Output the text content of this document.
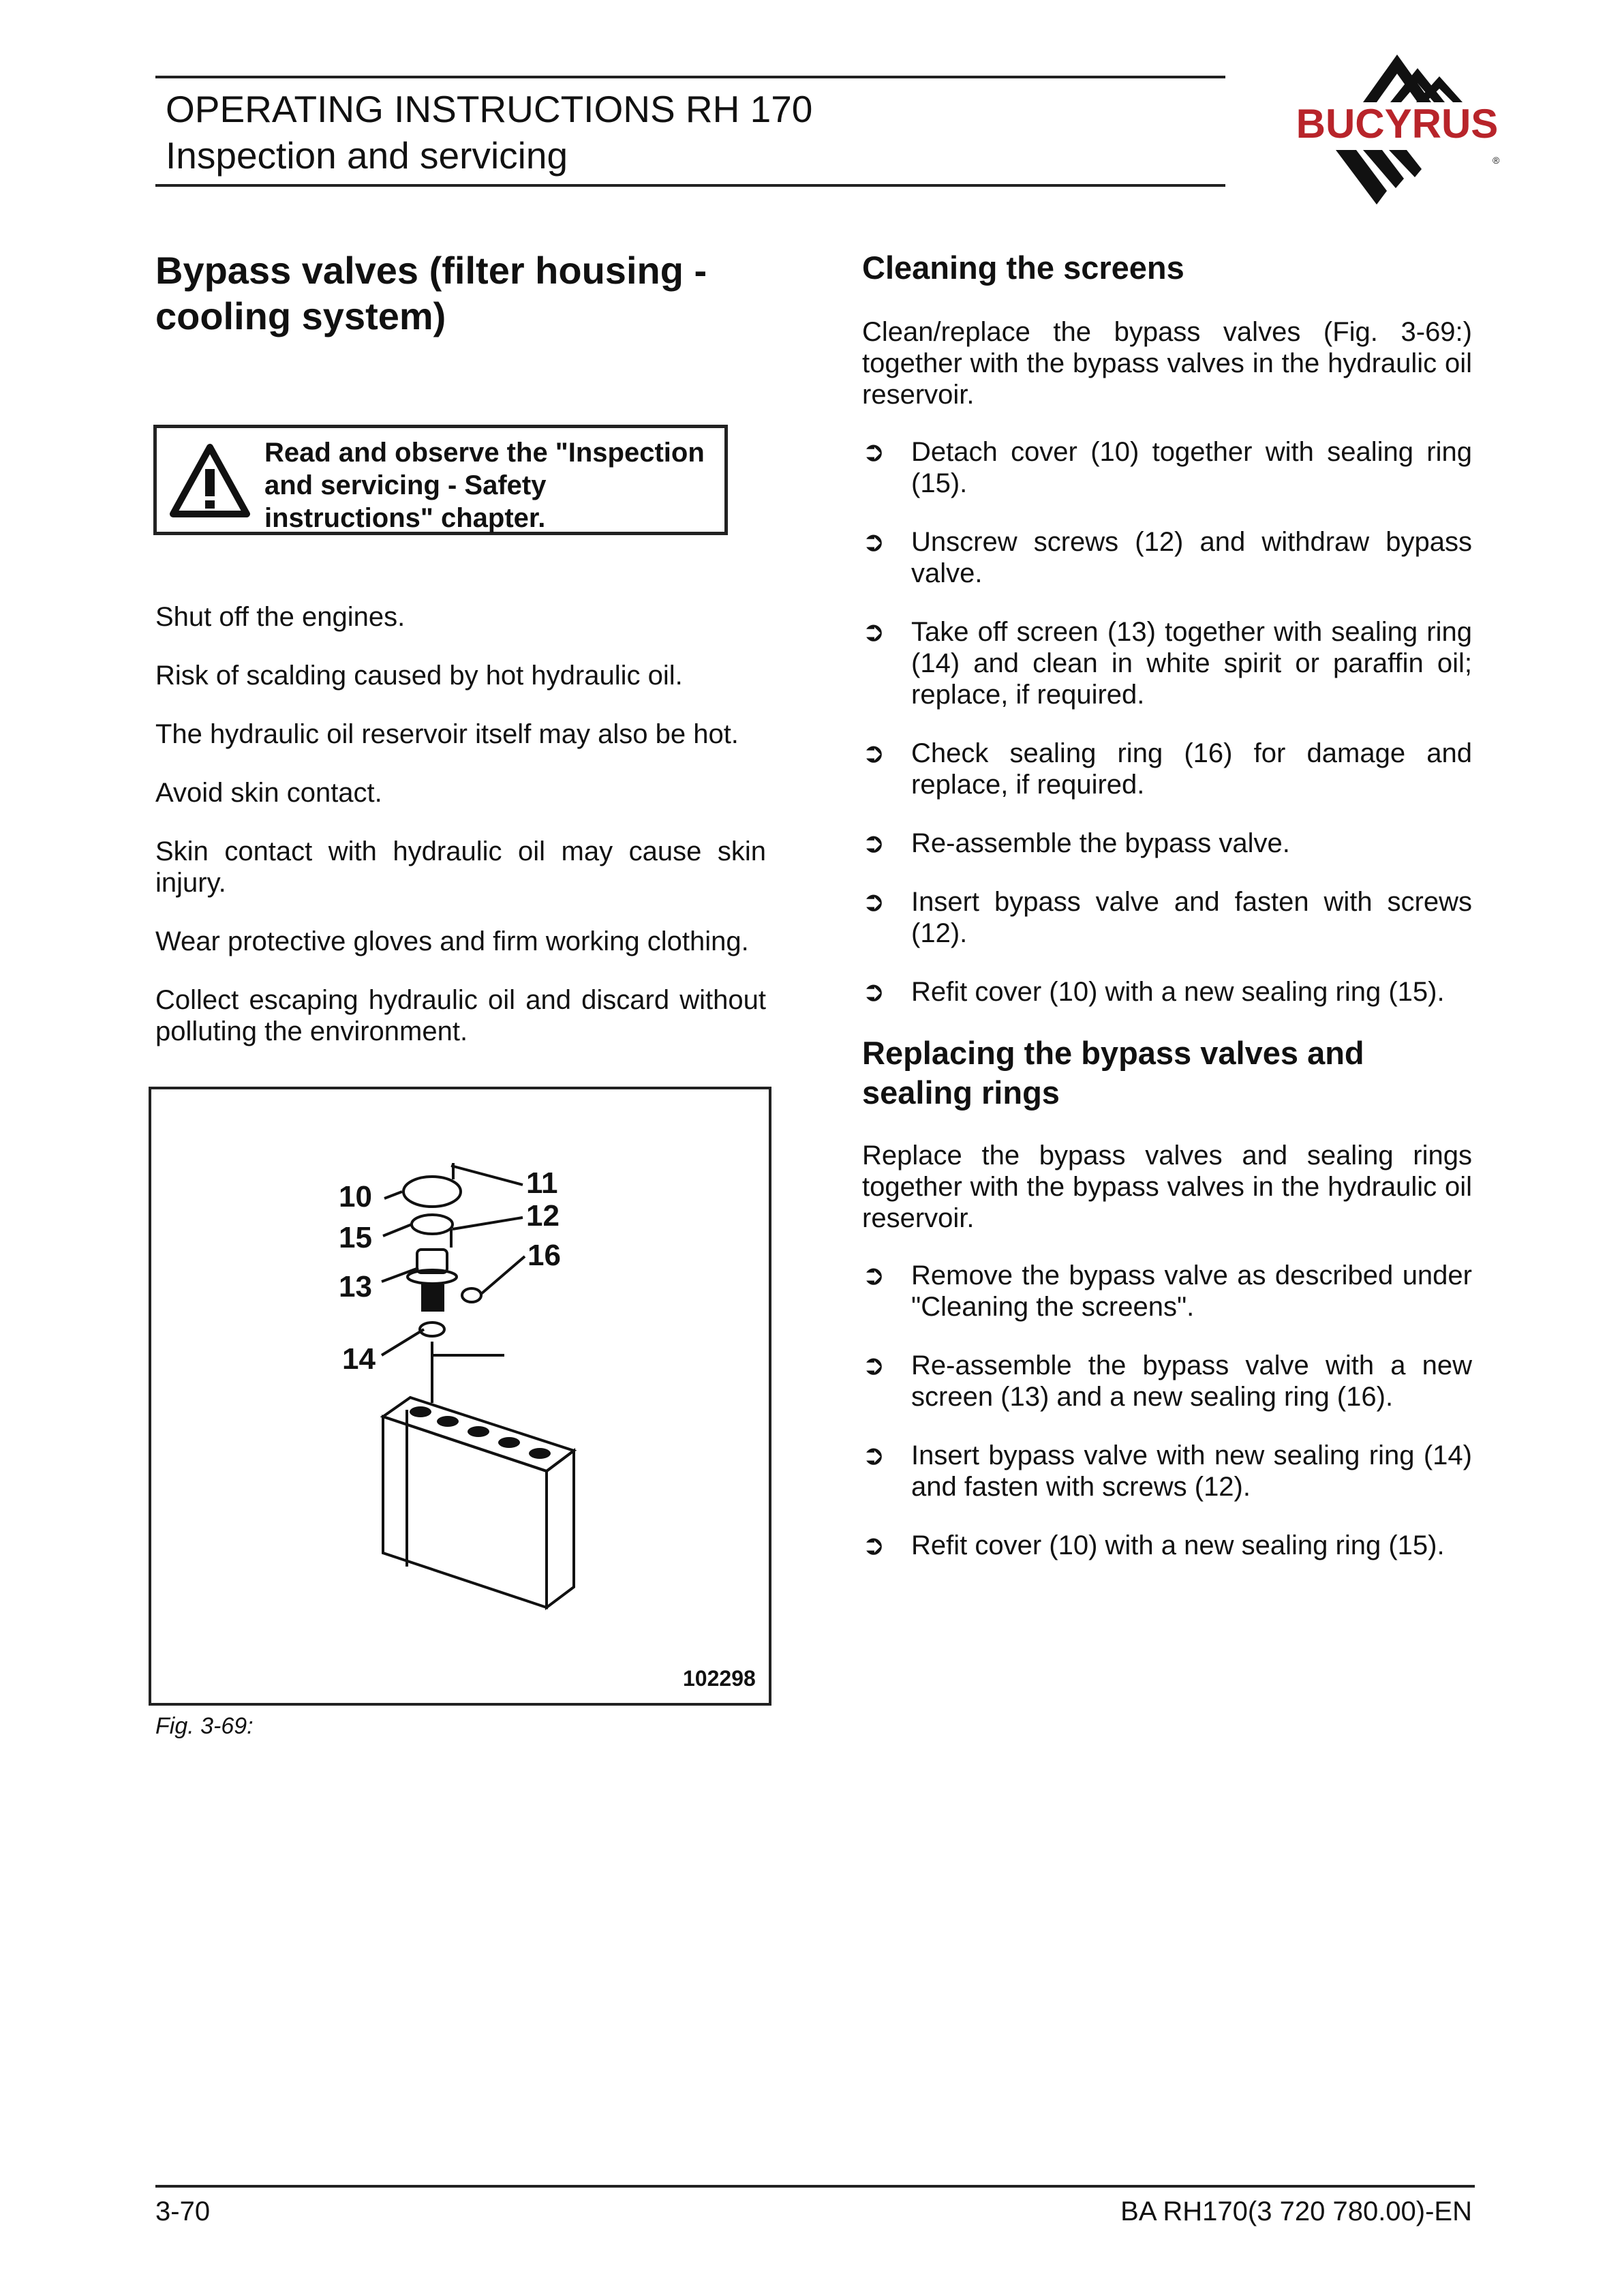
OPERATING INSTRUCTIONS RH 170
Inspection and servicing
BUCYRUS
®
Bypass valves (filter housing - cooling system)
Read and observe the "Inspection and servicing - Safety instructions" chapter.
Shut off the engines.
Risk of scalding caused by hot hydraulic oil.
The hydraulic oil reservoir itself may also be hot.
Avoid skin contact.
Skin contact with hydraulic oil may cause skin injury.
Wear protective gloves and firm working clothing.
Collect escaping hydraulic oil and discard without polluting the environment.
10
15
13
14
11
12
16
102298
Fig. 3-69:
Cleaning the screens
Clean/replace the bypass valves (Fig. 3-69:) together with the bypass valves in the hydraulic oil reservoir.
➲ Detach cover (10) together with sealing ring (15).
➲ Unscrew screws (12) and withdraw bypass valve.
➲ Take off screen (13) together with sealing ring (14) and clean in white spirit or paraffin oil; replace, if required.
➲ Check sealing ring (16) for damage and replace, if required.
➲ Re-assemble the bypass valve.
➲ Insert bypass valve and fasten with screws (12).
➲ Refit cover (10) with a new sealing ring (15).
Replacing the bypass valves and sealing rings
Replace the bypass valves and sealing rings together with the bypass valves in the hydraulic oil reservoir.
➲ Remove the bypass valve as described under "Cleaning the screens".
➲ Re-assemble the bypass valve with a new screen (13) and a new sealing ring (16).
➲ Insert bypass valve with new sealing ring (14) and fasten with screws (12).
➲ Refit cover (10) with a new sealing ring (15).
3-70	BA RH170(3 720 780.00)-EN
